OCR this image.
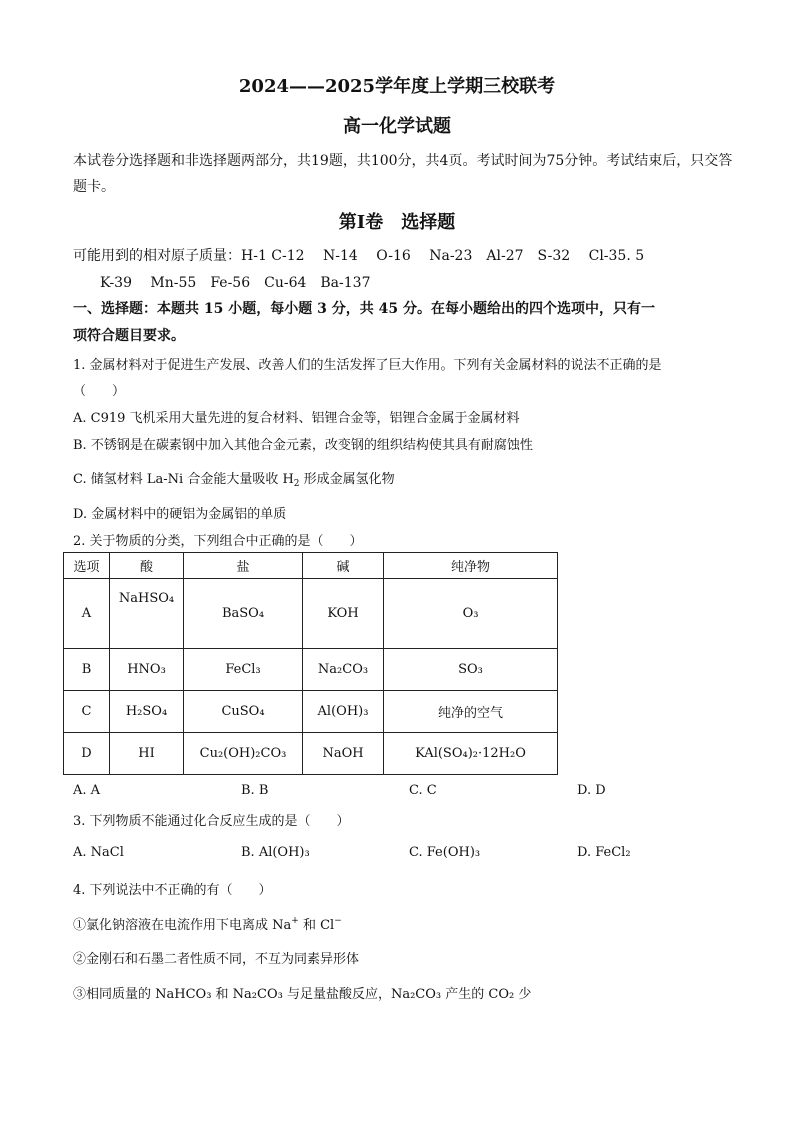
2024——2025学年度上学期三校联考
高一化学试题
本试卷分选择题和非选择题两部分，共19题，共100分，共4页。考试时间为75分钟。考试结束后，只交答题卡。
第Ⅰ卷　选择题
可能用到的相对原子质量：H-1 C-12　 N-14　 O-16　 Na-23　Al-27　S-32　 Cl-35. 5
K-39　 Mn-55　Fe-56　Cu-64　Ba-137
一、选择题：本题共 15 小题，每小题 3 分，共 45 分。在每小题给出的四个选项中，只有一
项符合题目要求。
1. 金属材料对于促进生产发展、改善人们的生活发挥了巨大作用。下列有关金属材料的说法不正确的是
（　　）
A. C919 飞机采用大量先进的复合材料、铝锂合金等，铝锂合金属于金属材料
B. 不锈钢是在碳素钢中加入其他合金元素，改变钢的组织结构使其具有耐腐蚀性
C. 储氢材料 La-Ni 合金能大量吸收 $H_2$ 形成金属氢化物
D. 金属材料中的硬铝为金属铝的单质
2. 关于物质的分类，下列组合中正确的是（　　）
选项	酸	盐	碱	纯净物
A	NaHSO₄	BaSO₄	KOH	O₃
B	HNO₃	FeCl₃	Na₂CO₃	SO₃
C	H₂SO₄	CuSO₄	Al(OH)₃	纯净的空气
D	HI	Cu₂(OH)₂CO₃	NaOH	KAl(SO₄)₂·12H₂O
A. A	B. B	C. C	D. D
3. 下列物质不能通过化合反应生成的是（　　）
A. NaCl	B. Al(OH)₃	C. Fe(OH)₃	D. FeCl₂
4. 下列说法中不正确的有（　　）
①氯化钠溶液在电流作用下电离成 Na+ 和 Cl−
②金刚石和石墨二者性质不同，不互为同素异形体
③相同质量的 NaHCO₃ 和 Na₂CO₃ 与足量盐酸反应，Na₂CO₃ 产生的 CO₂ 少
